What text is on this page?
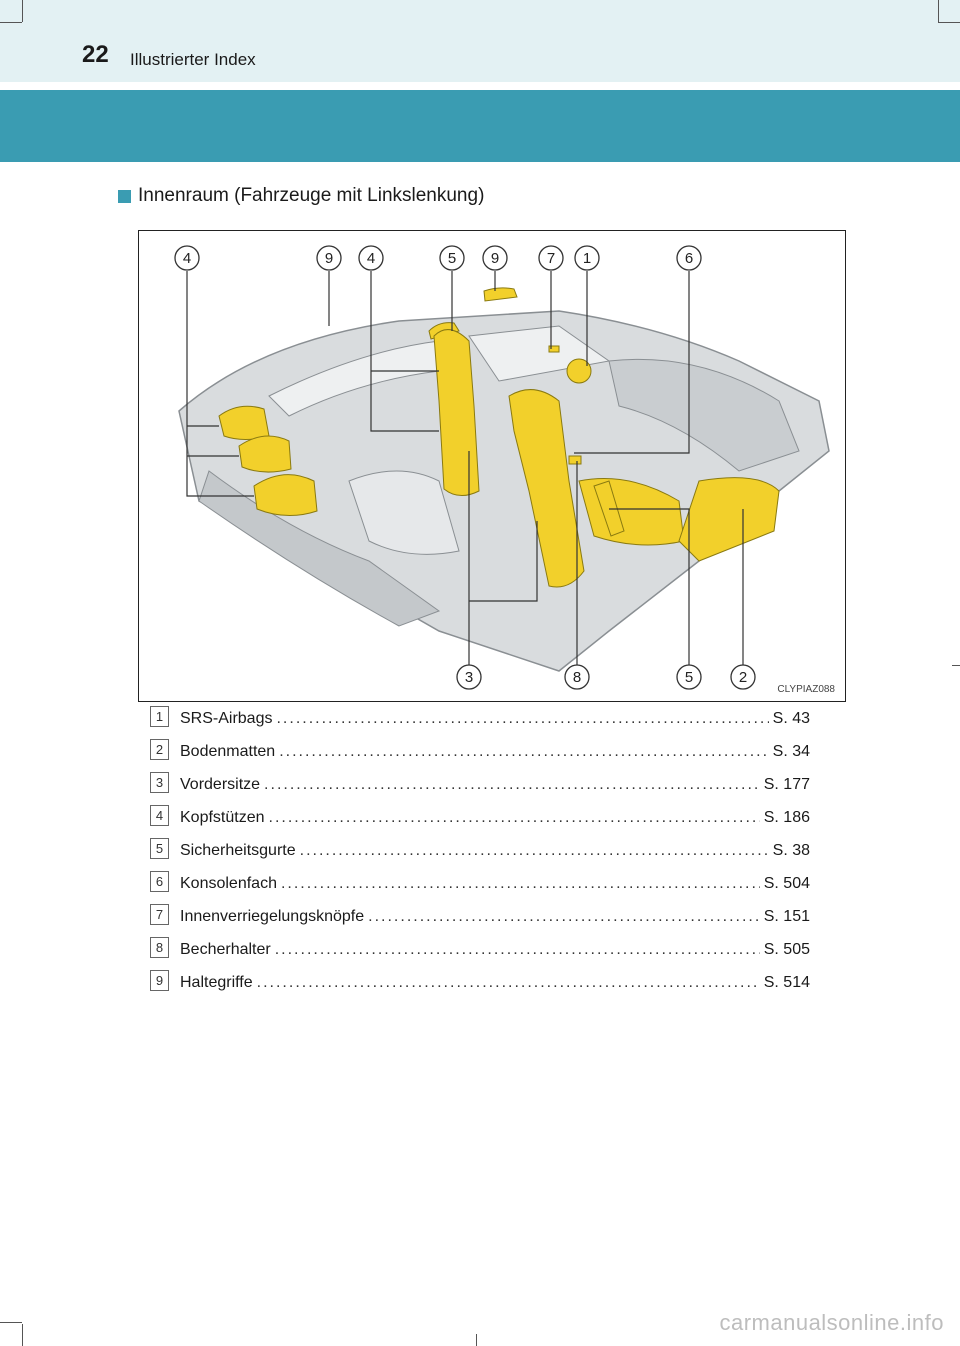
22 Illustrierter Index
Innenraum (Fahrzeuge mit Linkslenkung)
4	9 4	5 9	7 1	6
3	8	5	2
CLYPIAZ088
1	SRS-Airbags .....	S. 43
2	Bodenmatten .....	S. 34
3	Vordersitze .....	S. 177
4	Kopfstützen .....	S. 186
5	Sicherheitsgurte .....	S. 38
6	Konsolenfach .....	S. 504
7	Innenverriegelungsknöpfe .....	S. 151
8	Becherhalter .....	S. 505
9	Haltegriffe .....	S. 514
carmanualsonline.info
